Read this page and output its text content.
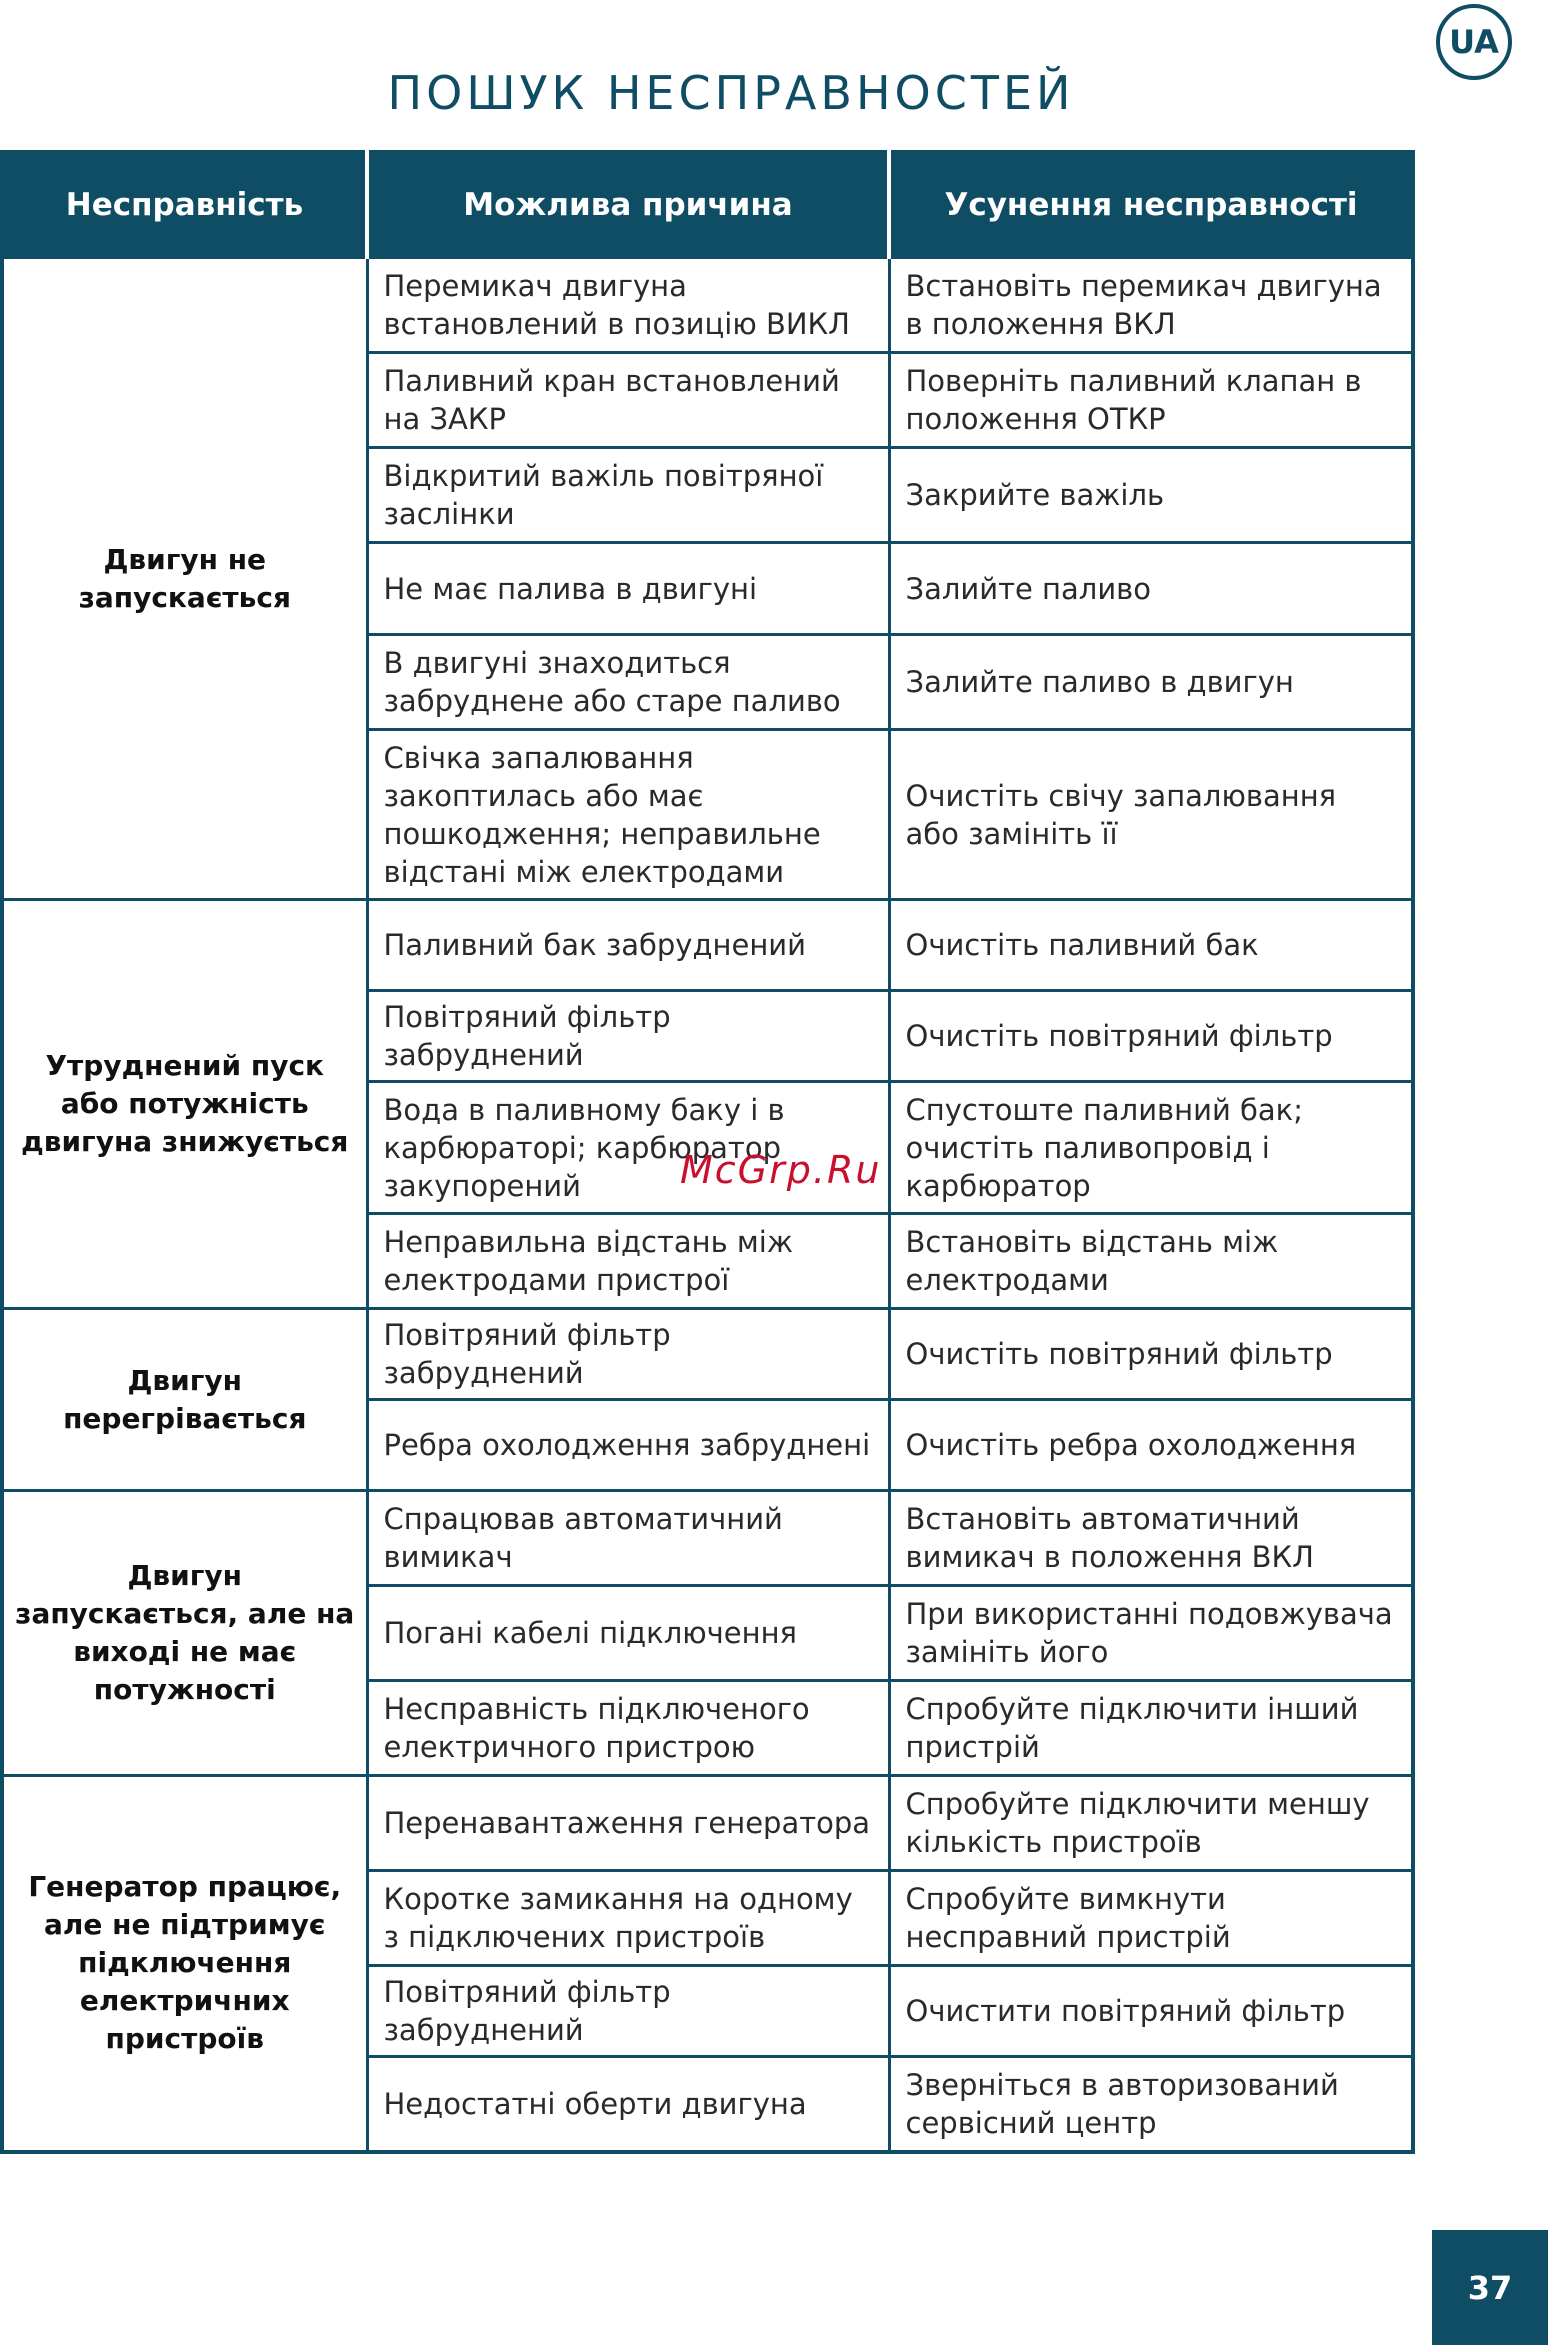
UA
ПОШУК НЕСПРАВНОСТЕЙ
Несправність	Можлива причина	Усунення несправності
Двигун не запускається	Перемикач двигуна встановлений в позицію ВИКЛ	Встановіть перемикач двигуна в положення ВКЛ
	Паливний кран встановлений на ЗАКР	Поверніть паливний клапан в положення ОТКР
	Відкритий важіль повітряної заслінки	Закрийте важіль
	Не має палива в двигуні	Залийте паливо
	В двигуні знаходиться забруднене або старе паливо	Залийте паливо в двигун
	Свічка запалювання закоптилась або має пошкодження; неправильне відстані між електродами	Очистіть свічу запалювання або замініть її
Утруднений пуск або потужність двигуна знижується	Паливний бак забруднений	Очистіть паливний бак
	Повітряний фільтр забруднений	Очистіть повітряний фільтр
	Вода в паливному баку і в карбюраторі; карбюратор закупорений	Спустоште паливний бак; очистіть паливопровід і карбюратор
	Неправильна відстань між електродами пристрої	Встановіть відстань між електродами
Двигун перегрівається	Повітряний фільтр забруднений	Очистіть повітряний фільтр
	Ребра охолодження забруднені	Очистіть ребра охолодження
Двигун запускається, але на виході не має потужності	Спрацював автоматичний вимикач	Встановіть автоматичний вимикач в положення ВКЛ
	Погані кабелі підключення	При використанні подовжувача замініть його
	Несправність підключеного електричного пристрою	Спробуйте підключити інший пристрій
Генератор працює, але не підтримує підключення електричних пристроїв	Перенавантаження генератора	Спробуйте підключити меншу кількість пристроїв
	Коротке замикання на одному з підключених пристроїв	Спробуйте вимкнути несправний пристрій
	Повітряний фільтр забруднений	Очистити повітряний фільтр
	Недостатні оберти двигуна	Зверніться в авторизований сервісний центр
McGrp.Ru
37
